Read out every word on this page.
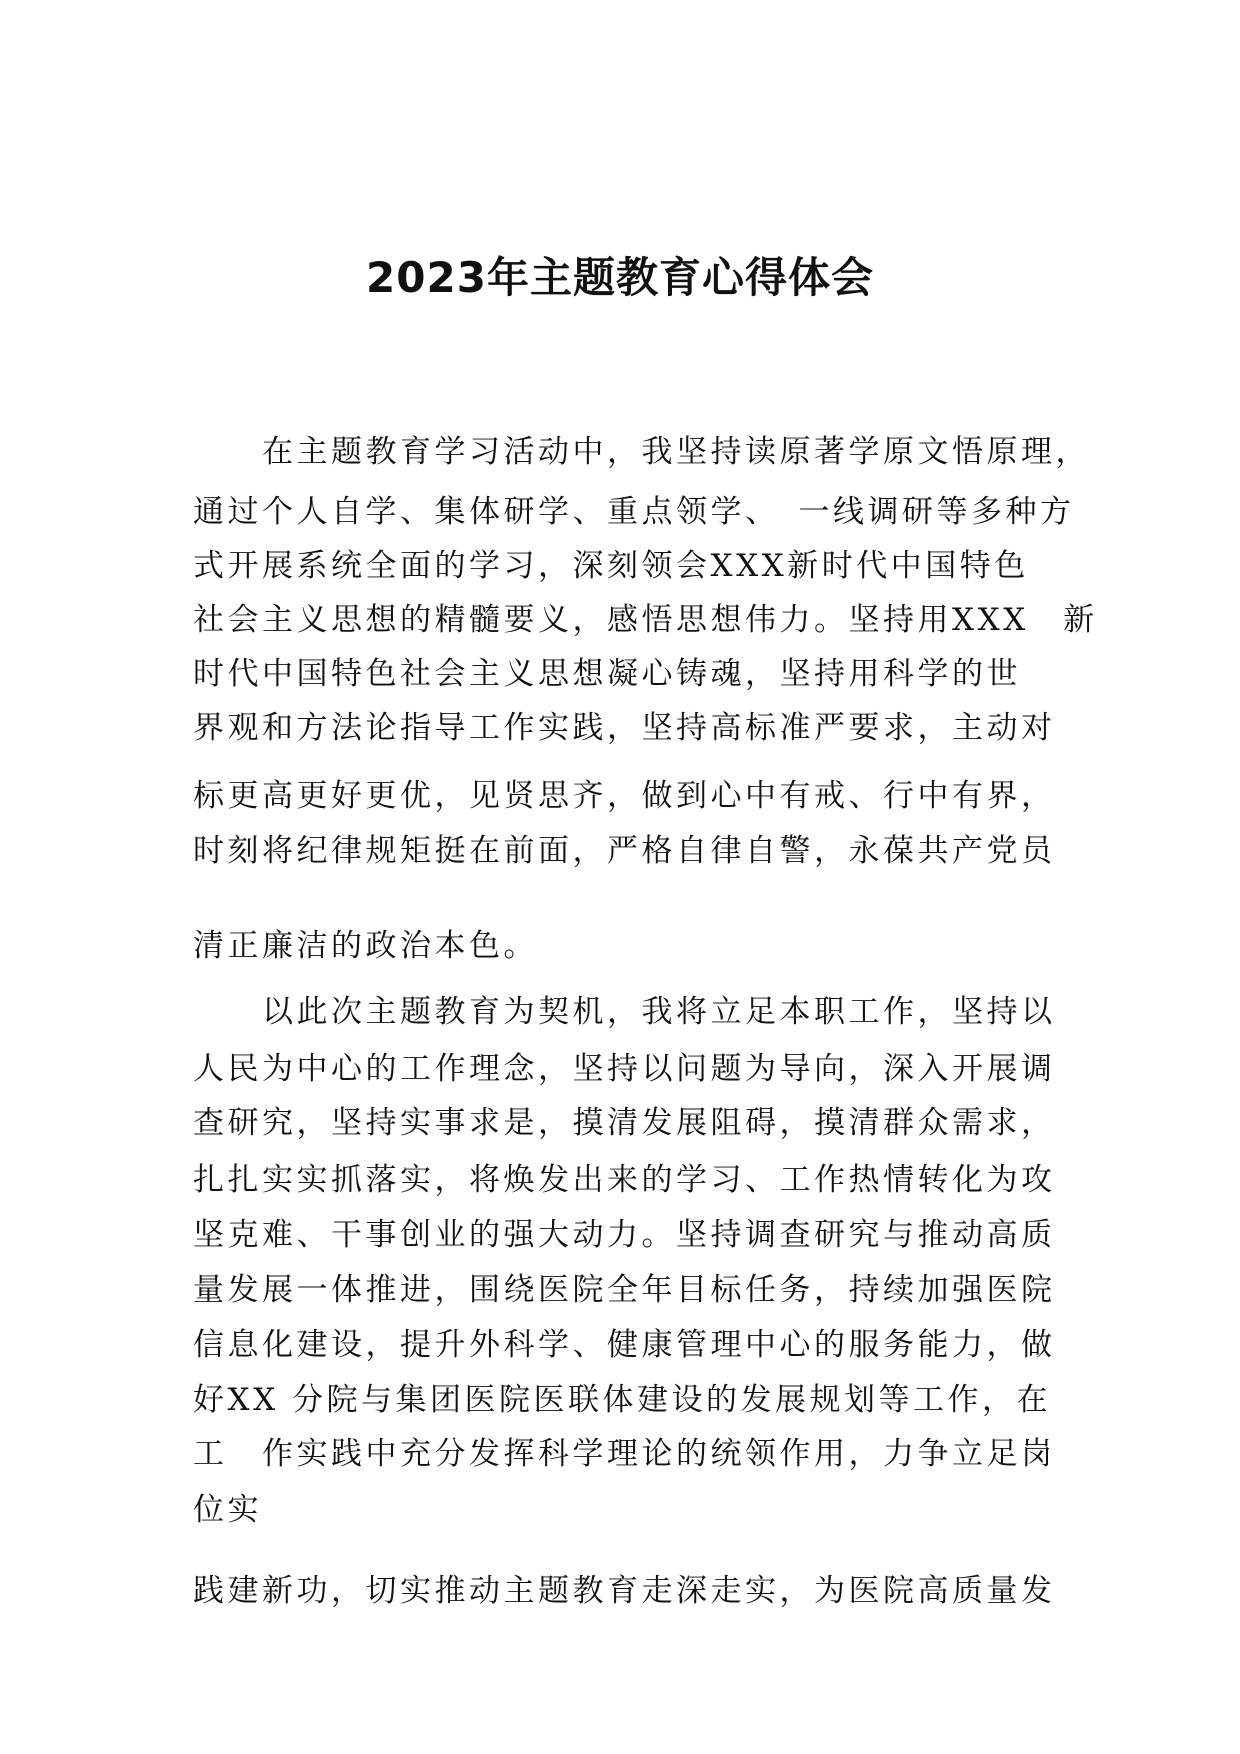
2023年主题教育心得体会
　　在主题教育学习活动中，我坚持读原著学原文悟原理，
通过个人自学、集体研学、重点领学、　一线调研等多种方
式开展系统全面的学习，深刻领会XXX新时代中国特色
社会主义思想的精髓要义，感悟思想伟力。坚持用XXX　新
时代中国特色社会主义思想凝心铸魂，坚持用科学的世
界观和方法论指导工作实践，坚持高标准严要求，主动对
标更高更好更优，见贤思齐，做到心中有戒、行中有界，
时刻将纪律规矩挺在前面，严格自律自警，永葆共产党员
清正廉洁的政治本色。
　　以此次主题教育为契机，我将立足本职工作，坚持以
人民为中心的工作理念，坚持以问题为导向，深入开展调
查研究，坚持实事求是，摸清发展阻碍，摸清群众需求，
扎扎实实抓落实，将焕发出来的学习、工作热情转化为攻
坚克难、干事创业的强大动力。坚持调查研究与推动高质
量发展一体推进，围绕医院全年目标任务，持续加强医院
信息化建设，提升外科学、健康管理中心的服务能力，做
好XX 分院与集团医院医联体建设的发展规划等工作，在
工　作实践中充分发挥科学理论的统领作用，力争立足岗
位实
践建新功，切实推动主题教育走深走实，为医院高质量发
